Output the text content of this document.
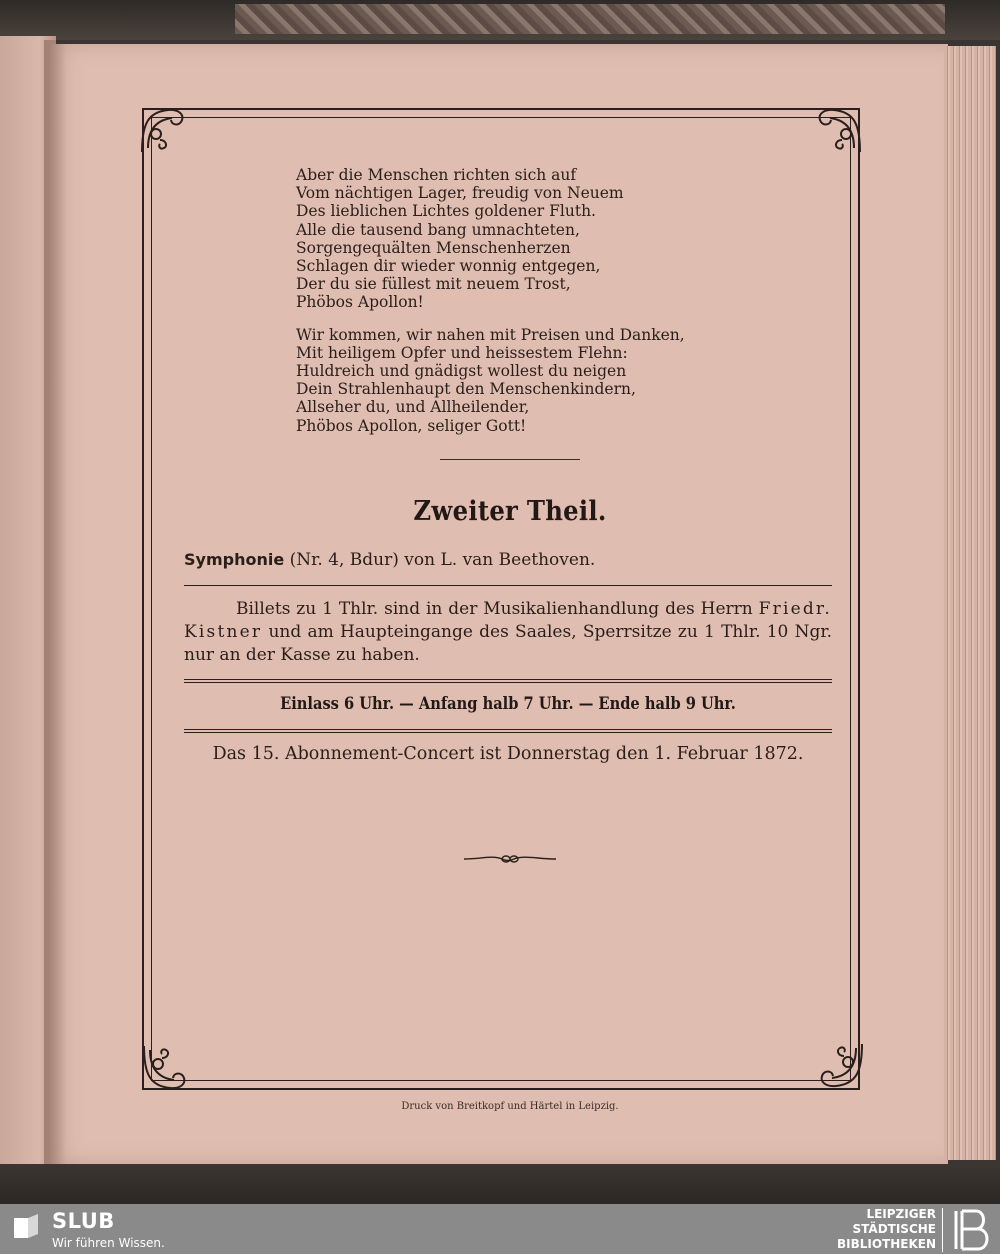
Aber die Menschen richten sich auf
Vom nächtigen Lager, freudig von Neuem
Des lieblichen Lichtes goldener Fluth.
Alle die tausend bang umnachteten,
Sorgengequälten Menschenherzen
Schlagen dir wieder wonnig entgegen,
Der du sie füllest mit neuem Trost,
Phöbos Apollon!
Wir kommen, wir nahen mit Preisen und Danken,
Mit heiligem Opfer und heissestem Flehn:
Huldreich und gnädigst wollest du neigen
Dein Strahlenhaupt den Menschenkindern,
Allseher du, und Allheilender,
Phöbos Apollon, seliger Gott!
Zweiter Theil.
Symphonie (Nr. 4, Bdur) von L. van Beethoven.
Billets zu 1 Thlr. sind in der Musikalienhandlung des Herrn Friedr. Kistner und am Haupteingange des Saales, Sperrsitze zu 1 Thlr. 10 Ngr. nur an der Kasse zu haben.
Einlass 6 Uhr. — Anfang halb 7 Uhr. — Ende halb 9 Uhr.
Das 15. Abonnement-Concert ist Donnerstag den 1. Februar 1872.
Druck von Breitkopf und Härtel in Leipzig.
SLUB
Wir führen Wissen.
LEIPZIGER
STÄDTISCHE
BIBLIOTHEKEN
